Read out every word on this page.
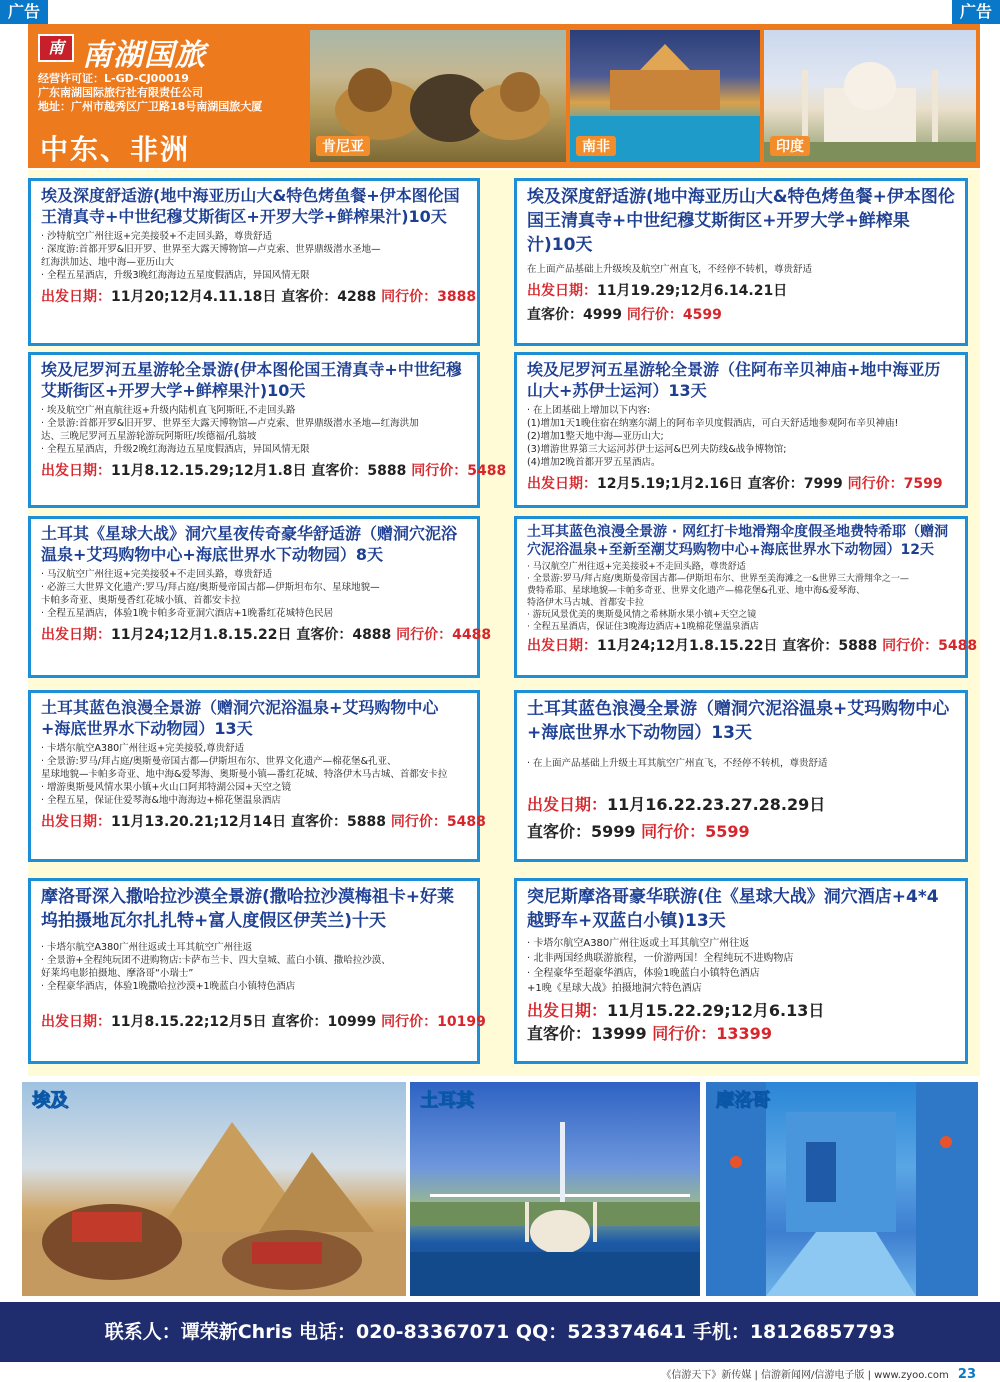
广告	广告
南 南湖国旅
经营许可证：L-GD-CJ00019
广东南湖国际旅行社有限责任公司
地址：广州市越秀区广卫路18号南湖国旅大厦
中东、非洲	肯尼亚	南非	印度
埃及深度舒适游(地中海亚历山大&特色烤鱼餐+伊本图伦国王清真寺+中世纪穆艾斯街区+开罗大学+鲜榨果汁)10天
· 沙特航空广州往返+完美接驳+不走回头路，尊贵舒适
· 深度游:首都开罗&旧开罗、世界至大露天博物馆—卢克索、世界鼎级潜水圣地—
红海洪加达、地中海—亚历山大
· 全程五星酒店，升级3晚红海海边五星度假酒店，异国风情无限
出发日期：11月20;12月4.11.18日 直客价：4288 同行价：3888
埃及深度舒适游(地中海亚历山大&特色烤鱼餐+伊本图伦国王清真寺+中世纪穆艾斯街区+开罗大学+鲜榨果汁)10天
在上面产品基础上升级埃及航空广州直飞，不经停不转机，尊贵舒适
出发日期：11月19.29;12月6.14.21日
直客价：4999 同行价：4599
埃及尼罗河五星游轮全景游(伊本图伦国王清真寺+中世纪穆艾斯街区+开罗大学+鲜榨果汁)10天
· 埃及航空广州直航往返+升级内陆机直飞阿斯旺,不走回头路
· 全景游:首都开罗&旧开罗、世界至大露天博物馆—卢克索、世界鼎级潜水圣地—红海洪加
达、三晚尼罗河五星游轮游玩阿斯旺/埃德福/孔翁坡
· 全程五星酒店，升级2晚红海海边五星度假酒店，异国风情无限
出发日期：11月8.12.15.29;12月1.8日 直客价：5888 同行价：5488
埃及尼罗河五星游轮全景游（住阿布辛贝神庙+地中海亚历山大+苏伊士运河）13天
· 在上团基础上增加以下内容:
(1)增加1天1晚住宿在纳塞尔湖上的阿布辛贝度假酒店，可白天舒适地参观阿布辛贝神庙!
(2)增加1整天地中海—亚历山大;
(3)增游世界第三大运河苏伊士运河&巴列夫防线&战争博物馆;
(4)增加2晚首都开罗五星酒店。
出发日期：12月5.19;1月2.16日 直客价：7999 同行价：7599
土耳其《星球大战》洞穴星夜传奇豪华舒适游（赠洞穴泥浴温泉+艾玛购物中心+海底世界水下动物园）8天
· 马汉航空广州往返+完美接驳+不走回头路，尊贵舒适
· 必游三大世界文化遗产:罗马/拜占庭/奥斯曼帝国古都—伊斯坦布尔、星球地貌—
卡帕多奇亚、奥斯曼香红花城小镇、首都安卡拉
· 全程五星酒店，体验1晚卡帕多奇亚洞穴酒店+1晚番红花城特色民居
出发日期：11月24;12月1.8.15.22日 直客价：4888 同行价：4488
土耳其蓝色浪漫全景游 · 网红打卡地滑翔伞度假圣地费特希耶（赠洞穴泥浴温泉+至新至潮艾玛购物中心+海底世界水下动物园）12天
· 马汉航空广州往返+完美接驳+不走回头路，尊贵舒适
· 全景游:罗马/拜占庭/奥斯曼帝国古都—伊斯坦布尔、世界至美海滩之一&世界三大滑翔伞之一—
费特希耶、星球地貌—卡帕多奇亚、世界文化遗产—棉花堡&孔亚、地中海&爱琴海、
特洛伊木马古城、首都安卡拉
· 游玩风景优美的奥斯曼风情之希林斯水果小镇+天空之镜
· 全程五星酒店，保证住3晚海边酒店+1晚棉花堡温泉酒店
出发日期：11月24;12月1.8.15.22日 直客价：5888 同行价：5488
土耳其蓝色浪漫全景游（赠洞穴泥浴温泉+艾玛购物中心+海底世界水下动物园）13天
· 卡塔尔航空A380广州往返+完美接驳,尊贵舒适
· 全景游:罗马/拜占庭/奥斯曼帝国古都—伊斯坦布尔、世界文化遗产—棉花堡&孔亚、
星球地貌—卡帕多奇亚、地中海&爱琴海、奥斯曼小镇—番红花城、特洛伊木马古城、首都安卡拉
· 增游奥斯曼风情水果小镇+火山口阿邦特湖公园+天空之镜
· 全程五星，保证住爱琴海&地中海海边+棉花堡温泉酒店
出发日期：11月13.20.21;12月14日 直客价：5888 同行价：5488
土耳其蓝色浪漫全景游（赠洞穴泥浴温泉+艾玛购物中心+海底世界水下动物园）13天
· 在上面产品基础上升级土耳其航空广州直飞，不经停不转机，尊贵舒适
出发日期：11月16.22.23.27.28.29日
直客价：5999 同行价：5599
摩洛哥深入撒哈拉沙漠全景游(撒哈拉沙漠梅祖卡+好莱坞拍摄地瓦尔扎扎特+富人度假区伊芙兰)十天
· 卡塔尔航空A380广州往返或土耳其航空广州往返
· 全景游+全程纯玩团不进购物店:卡萨布兰卡、四大皇城、蓝白小镇、撒哈拉沙漠、
好莱坞电影拍摄地、摩洛哥“小瑞士”
· 全程豪华酒店，体验1晚撒哈拉沙漠+1晚蓝白小镇特色酒店
出发日期：11月8.15.22;12月5日 直客价：10999 同行价：10199
突尼斯摩洛哥豪华联游(住《星球大战》洞穴酒店+4*4越野车+双蓝白小镇)13天
· 卡塔尔航空A380广州往返或土耳其航空广州往返
· 北非两国经典联游旅程，一价游两国！全程纯玩不进购物店
· 全程豪华至超豪华酒店，体验1晚蓝白小镇特色酒店
+1晚《星球大战》拍摄地洞穴特色酒店
出发日期：11月15.22.29;12月6.13日
直客价：13999 同行价：13399
埃及	土耳其	摩洛哥
联系人：谭荣新Chris 电话：020-83367071 QQ：523374641 手机：18126857793
《信游天下》新传媒 | 信游新闻网/信游电子版 | www.zyoo.com 23
